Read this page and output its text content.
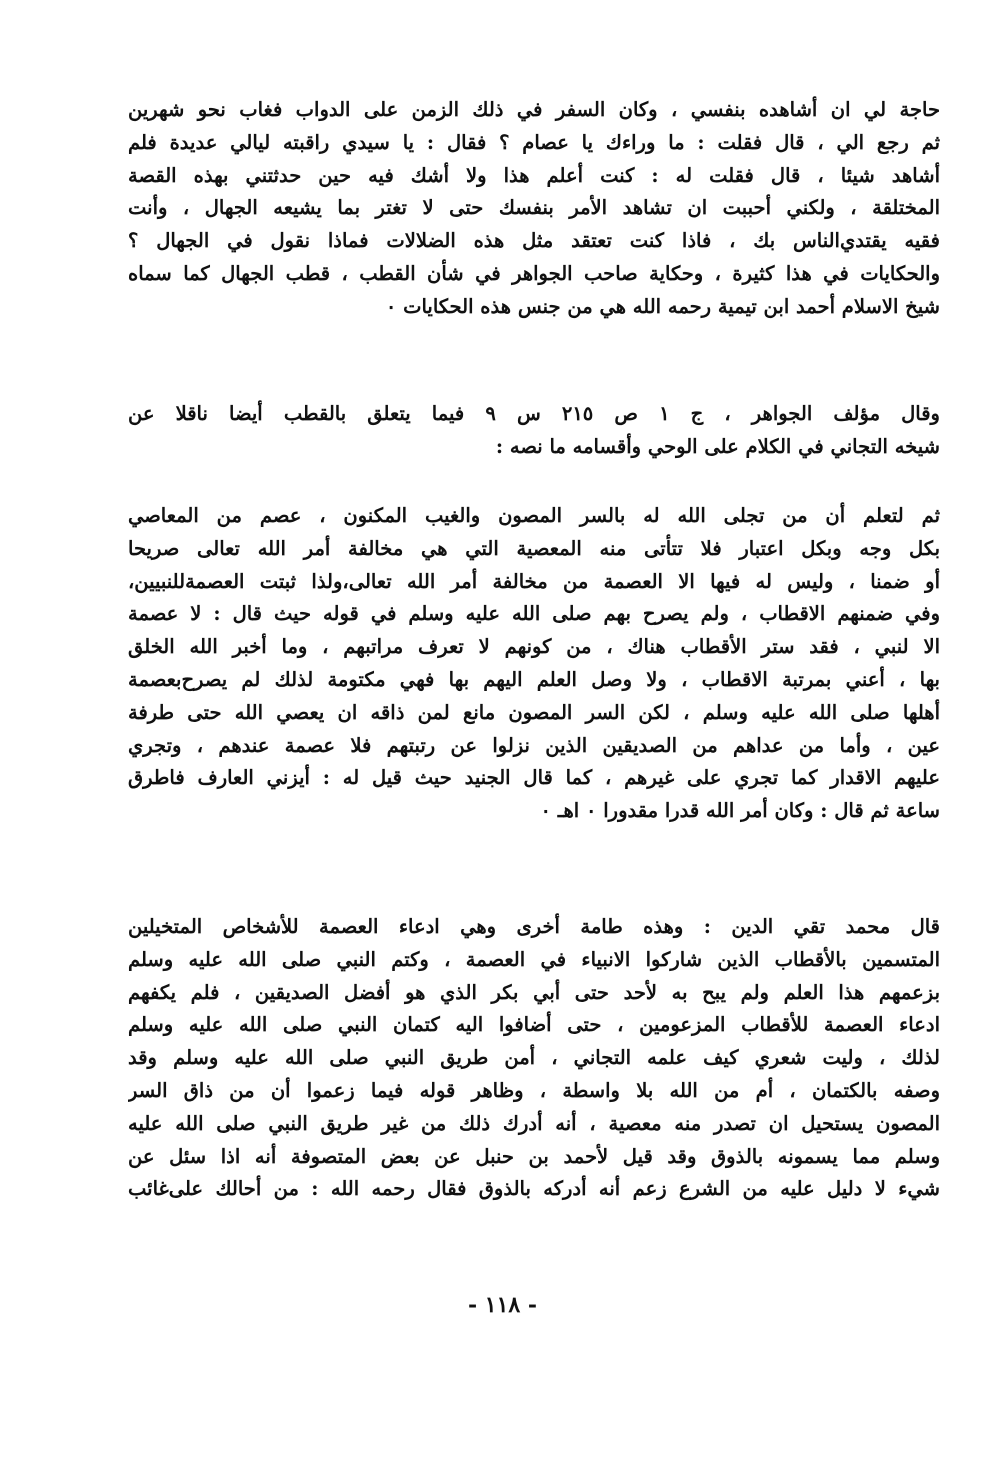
حاجة لي ان أشاهده بنفسي ، وكان السفر في ذلك الزمن على الدواب فغاب نحو شهرين
ثم رجع الي ، قال فقلت : ما وراءك يا عصام ؟ فقال : يا سيدي راقبته ليالي عديدة فلم
أشاهد شيئا ، قال فقلت له : كنت أعلم هذا ولا أشك فيه حين حدثتني بهذه القصة
المختلقة ، ولكني أحببت ان تشاهد الأمر بنفسك حتى لا تغتر بما يشيعه الجهال ، وأنت
فقيه يقتدي‌الناس بك ، فاذا كنت تعتقد مثل هذه الضلالات فماذا نقول في الجهال ؟
والحكايات في هذا كثيرة ، وحكاية صاحب الجواهر في شأن القطب ، قطب الجهال كما سماه
شيخ الاسلام أحمد ابن تيمية رحمه الله هي من جنس هذه الحكايات ٠
وقال مؤلف الجواهر ، ج ١ ص ٢١٥ س ٩ فيما يتعلق بالقطب أيضا ناقلا عن
شيخه التجاني في الكلام على الوحي وأقسامه ما نصه :
ثم لتعلم أن من تجلى الله له بالسر المصون والغيب المكنون ، عصم من المعاصي
بكل وجه وبكل اعتبار فلا تتأتى منه المعصية التي هي مخالفة أمر الله تعالى صريحا
أو ضمنا ، وليس له فيها الا العصمة من مخالفة أمر الله تعالى،ولذا ثبتت العصمة‌للنبيين،
وفي ضمنهم الاقطاب ، ولم يصرح بهم صلى الله عليه وسلم في قوله حيث قال : لا عصمة
الا لنبي ، فقد ستر الأقطاب هناك ، من كونهم لا تعرف مراتبهم ، وما أخبر الله الخلق
بها ، أعني بمرتبة الاقطاب ، ولا وصل العلم اليهم بها فهي مكتومة لذلك لم يصرح‌بعصمة
أهلها صلى الله عليه وسلم ، لكن السر المصون مانع لمن ذاقه ان يعصي الله حتى طرفة
عين ، وأما من عداهم من الصديقين الذين نزلوا عن رتبتهم فلا عصمة عندهم ، وتجري
عليهم الاقدار كما تجري على غيرهم ، كما قال الجنيد حيث قيل له : أيزني العارف فاطرق
ساعة ثم قال : وكان أمر الله قدرا مقدورا ٠ اهـ ٠
قال محمد تقي الدين : وهذه طامة أخرى وهي ادعاء العصمة للأشخاص المتخيلين
المتسمين بالأقطاب الذين شاركوا الانبياء في العصمة ، وكتم النبي صلى الله عليه وسلم
بزعمهم هذا العلم ولم يبح به لأحد حتى أبي بكر الذي هو أفضل الصديقين ، فلم يكفهم
ادعاء العصمة للأقطاب المزعومين ، حتى أضافوا اليه كتمان النبي صلى الله عليه وسلم
لذلك ، وليت شعري كيف علمه التجاني ، أمن طريق النبي صلى الله عليه وسلم وقد
وصفه بالكتمان ، أم من الله بلا واسطة ، وظاهر قوله فيما زعموا أن من ذاق السر
المصون يستحيل ان تصدر منه معصية ، أنه أدرك ذلك من غير طريق النبي صلى الله عليه
وسلم مما يسمونه بالذوق وقد قيل لأحمد بن حنبل عن بعض المتصوفة أنه اذا سئل عن
شيء لا دليل عليه من الشرع زعم أنه أدركه بالذوق فقال رحمه الله : من أحالك على‌غائب
- ١١٨ -
